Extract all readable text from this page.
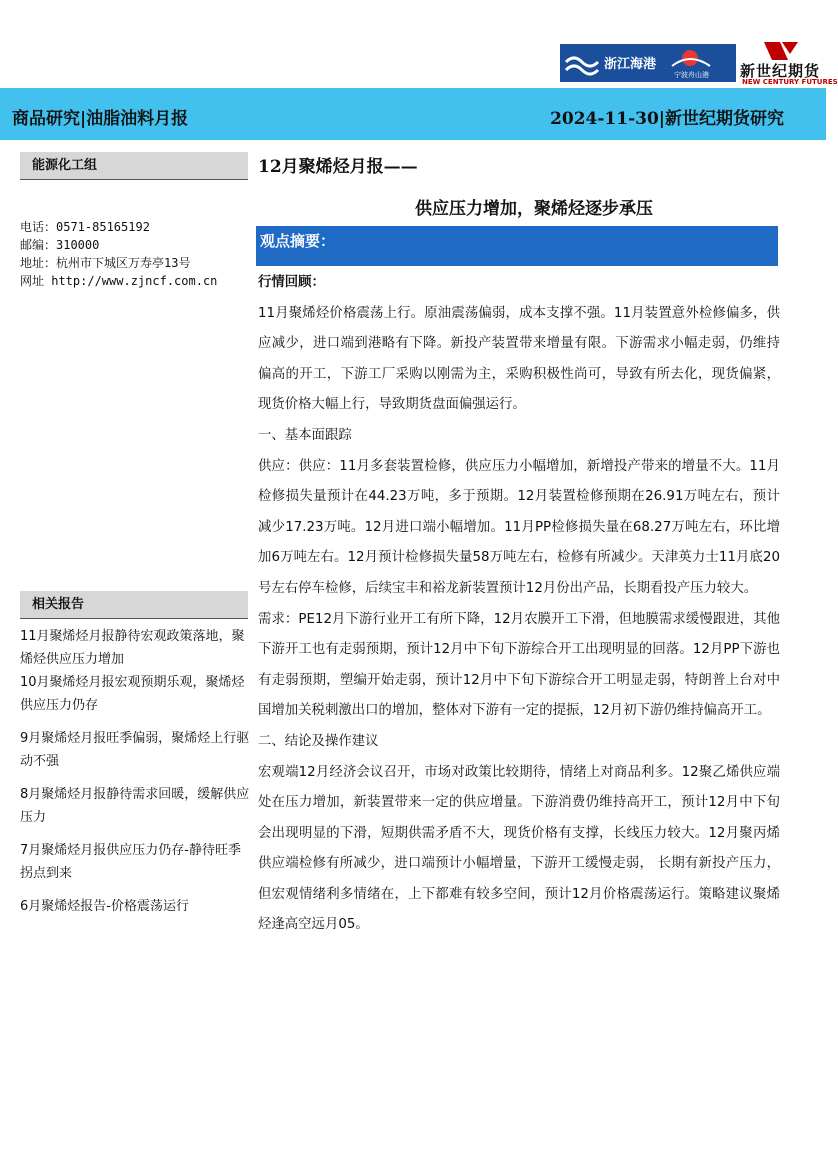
浙江海港
宁波舟山港 新世纪期货
NEW CENTURY FUTURES
商品研究|油脂油料月报	2024-11-30|新世纪期货研究
能源化工组
电话：0571-85165192
邮编：310000
地址：杭州市下城区万寿亭13号
网址 http://www.zjncf.com.cn
相关报告
11月聚烯烃月报静待宏观政策落地，聚烯烃供应压力增加
10月聚烯烃月报宏观预期乐观，聚烯烃供应压力仍存
9月聚烯烃月报旺季偏弱，聚烯烃上行驱动不强
8月聚烯烃月报静待需求回暖，缓解供应压力
7月聚烯烃月报供应压力仍存-静待旺季拐点到来
6月聚烯烃报告-价格震荡运行
12月聚烯烃月报——
供应压力增加，聚烯烃逐步承压
观点摘要：

行情回顾：

11月聚烯烃价格震荡上行。原油震荡偏弱，成本支撑不强。11月装置意外检修偏多，供应减少，进口端到港略有下降。新投产装置带来增量有限。下游需求小幅走弱，仍维持偏高的开工，下游工厂采购以刚需为主，采购积极性尚可，导致有所去化，现货偏紧，现货价格大幅上行，导致期货盘面偏强运行。

一、基本面跟踪

供应：供应：11月多套装置检修，供应压力小幅增加，新增投产带来的增量不大。11月检修损失量预计在44.23万吨，多于预期。12月装置检修预期在26.91万吨左右，预计减少17.23万吨。12月进口端小幅增加。11月PP检修损失量在68.27万吨左右，环比增加6万吨左右。12月预计检修损失量58万吨左右，检修有所减少。天津英力士11月底20号左右停车检修，后续宝丰和裕龙新装置预计12月份出产品，长期看投产压力较大。

需求：PE12月下游行业开工有所下降，12月农膜开工下滑，但地膜需求缓慢跟进，其他下游开工也有走弱预期，预计12月中下旬下游综合开工出现明显的回落。12月PP下游也有走弱预期，塑编开始走弱，预计12月中下旬下游综合开工明显走弱，特朗普上台对中国增加关税刺激出口的增加，整体对下游有一定的提振，12月初下游仍维持偏高开工。

二、结论及操作建议

宏观端12月经济会议召开，市场对政策比较期待，情绪上对商品利多。12聚乙烯供应端处在压力增加，新装置带来一定的供应增量。下游消费仍维持高开工，预计12月中下旬会出现明显的下滑，短期供需矛盾不大，现货价格有支撑，长线压力较大。12月聚丙烯供应端检修有所减少，进口端预计小幅增量，下游开工缓慢走弱， 长期有新投产压力，但宏观情绪利多情绪在，上下都难有较多空间，预计12月价格震荡运行。策略建议聚烯烃逢高空远月05。
